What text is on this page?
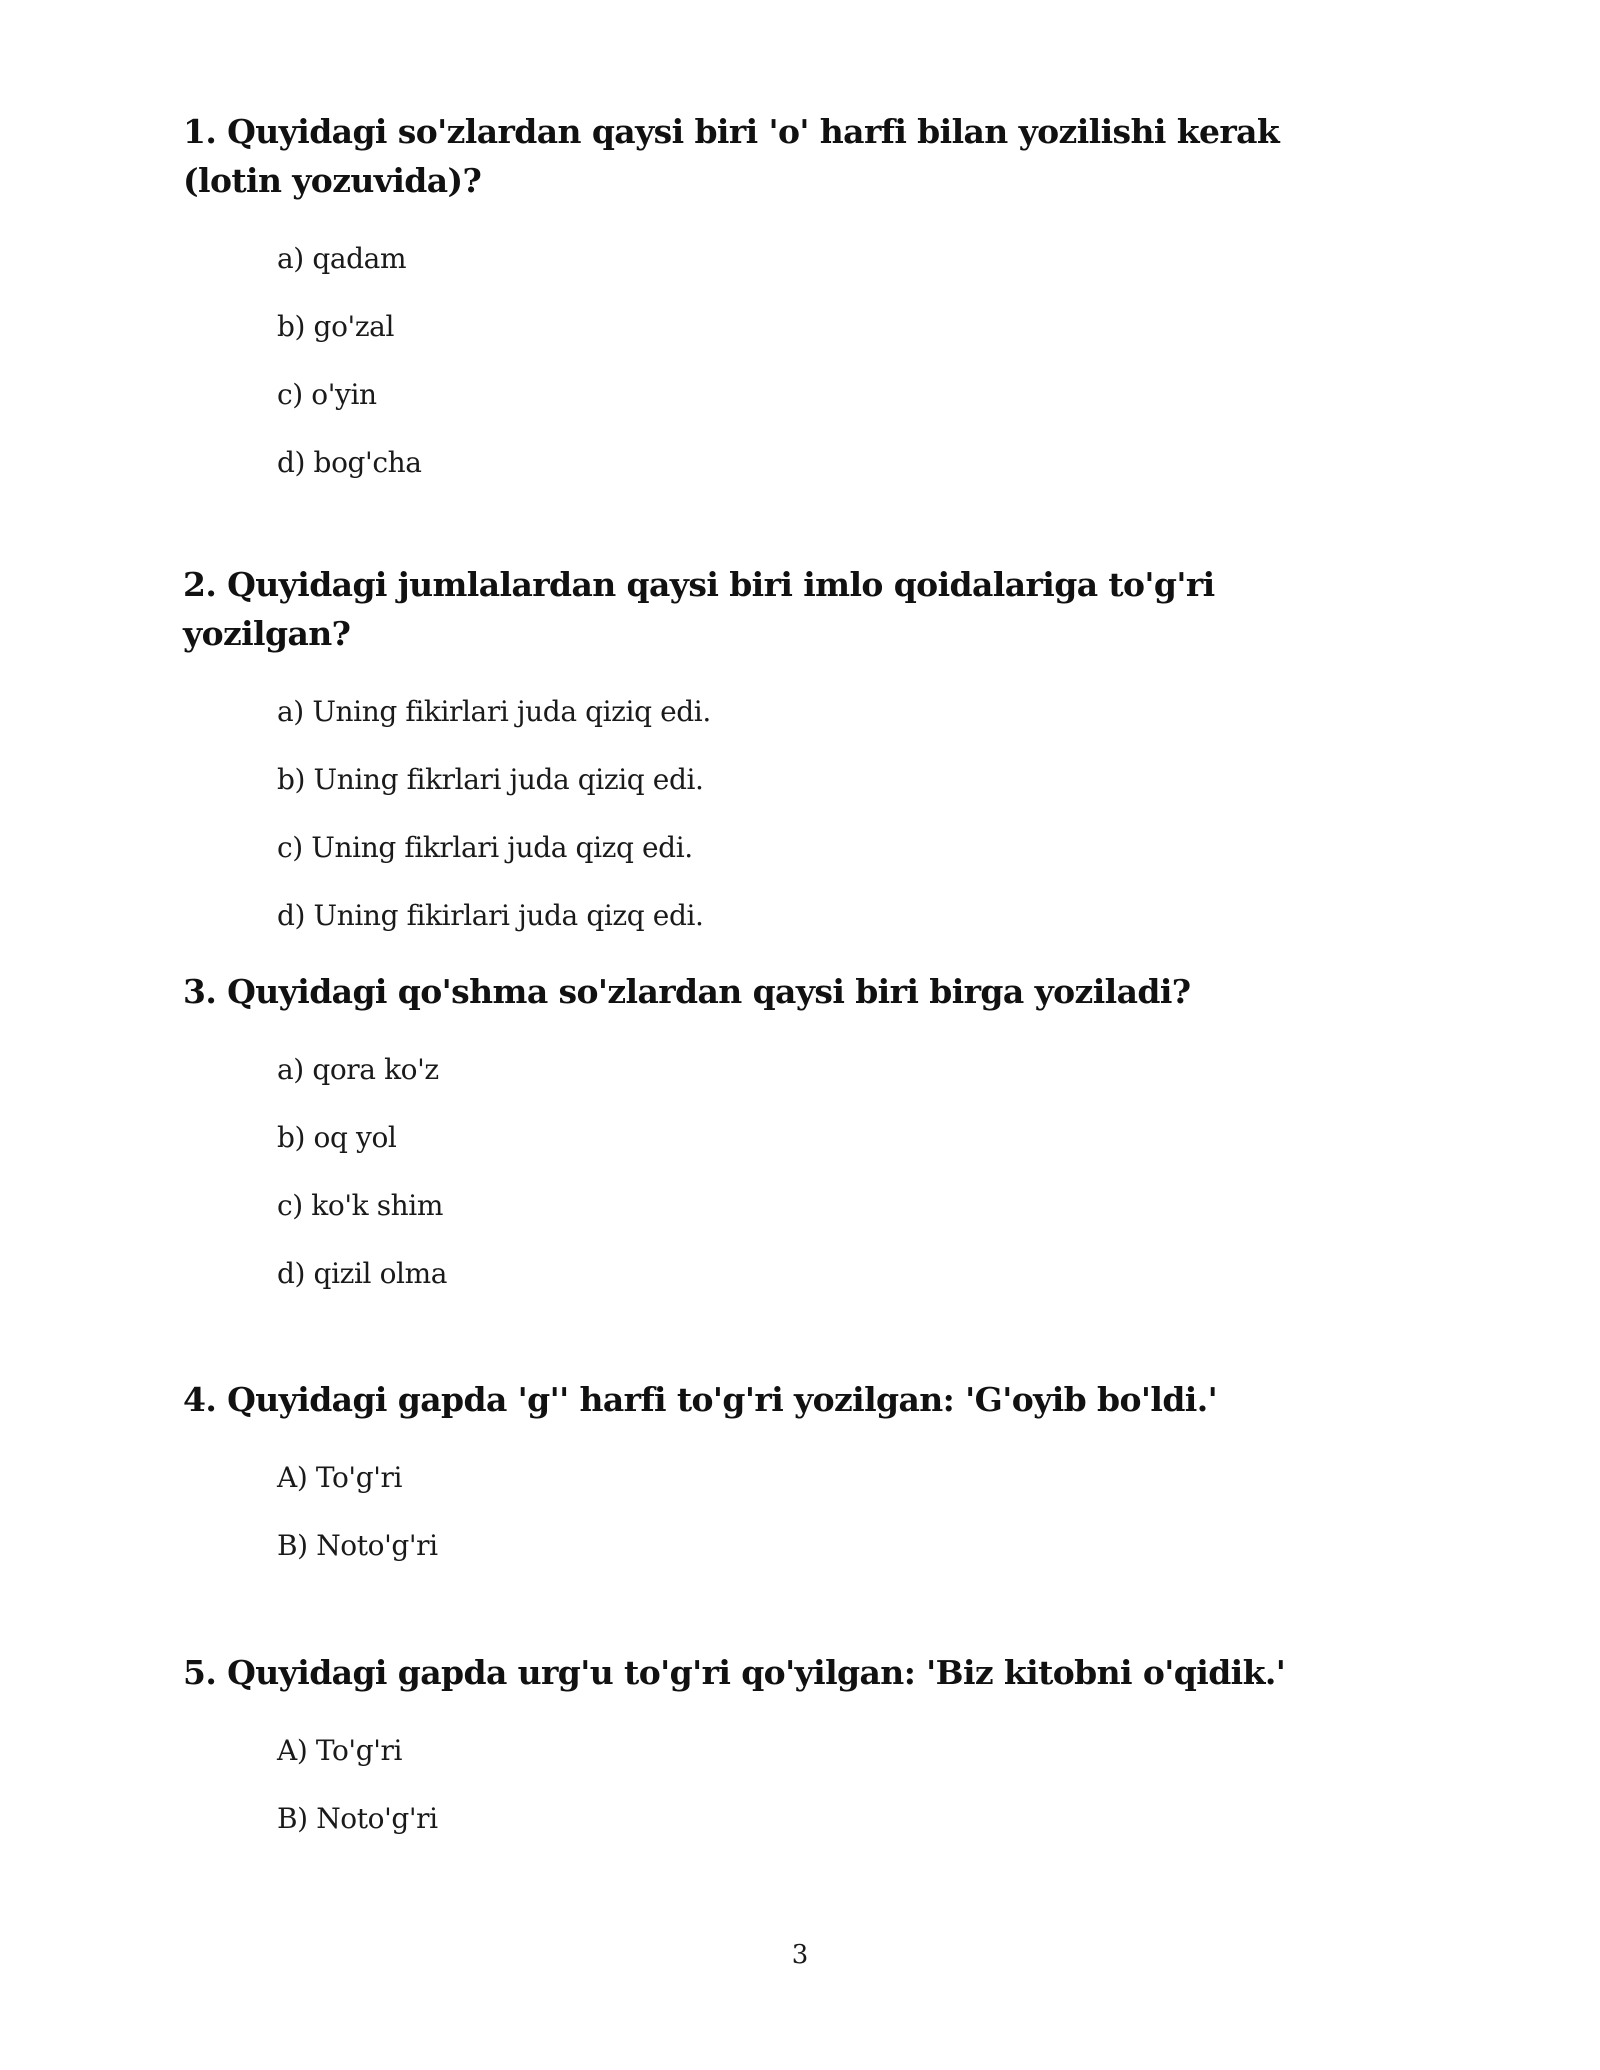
1. Quyidagi so'zlardan qaysi biri 'o' harfi bilan yozilishi kerak (lotin yozuvida)?
a) qadam
b) go'zal
c) o'yin
d) bog'cha
2. Quyidagi jumlalardan qaysi biri imlo qoidalariga to'g'ri yozilgan?
a) Uning fikirlari juda qiziq edi.
b) Uning fikrlari juda qiziq edi.
c) Uning fikrlari juda qizq edi.
d) Uning fikirlari juda qizq edi.
3. Quyidagi qo'shma so'zlardan qaysi biri birga yoziladi?
a) qora ko'z
b) oq yol
c) ko'k shim
d) qizil olma
4. Quyidagi gapda 'g'' harfi to'g'ri yozilgan: 'G'oyib bo'ldi.'
A) To'g'ri
B) Noto'g'ri
5. Quyidagi gapda urg'u to'g'ri qo'yilgan: 'Biz kitobni o'qidik.'
A) To'g'ri
B) Noto'g'ri
3
